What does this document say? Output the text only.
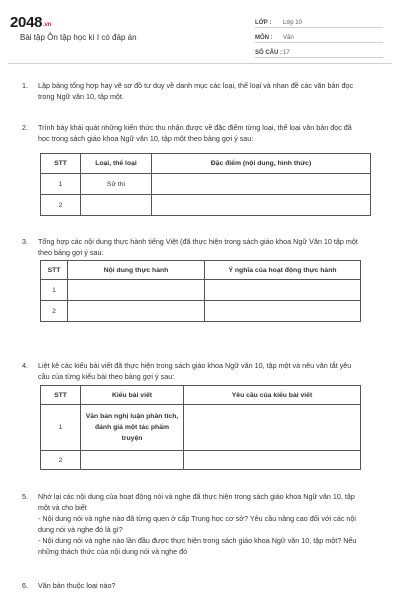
2048.vn
Bài tập Ôn tập học kì I có đáp án
LỚP :	Lớp 10
MÔN :	Văn
SỐ CÂU : 17
1. Lập bảng tổng hợp hay vẽ sơ đồ tư duy về danh mục các loại, thể loại và nhan đề các văn bản đọc trong Ngữ văn 10, tập một.
2. Trình bày khái quát những kiến thức thu nhận được về đặc điểm từng loại, thể loại văn bản đọc đã học trong sách giáo khoa Ngữ văn 10, tập một theo bảng gợi ý sau:
STT	Loại, thể loại	Đặc điểm (nội dung, hình thức)
1	Sử thi	
2		
3. Tổng hợp các nội dung thực hành tiếng Việt (đã thực hiện trong sách giáo khoa Ngữ Văn 10 tập một theo bảng gợi ý sau:
STT	Nội dung thực hành	Ý nghĩa của hoạt động thực hành
1		
2		
4. Liệt kê các kiểu bài viết đã thực hiện trong sách giáo khoa Ngữ văn 10, tập một và nêu văn tắt yêu cầu của từng kiểu bài theo bảng gợi ý sau:
STT	Kiểu bài viết	Yêu cầu của kiểu bài viết
1	Văn bản nghị luận phân tích, đánh giá một tác phẩm truyện	
2		
5. Nhớ lại các nội dung của hoạt động nói và nghe đã thực hiện trong sách giáo khoa Ngữ văn 10, tập một và cho biết
- Nội dung nói và nghe nào đã từng quen ở cấp Trung học cơ sở? Yêu cầu nâng cao đối với các nội dung nói và nghe đó là gì?
- Nội dung nói và nghe nào lần đầu được thực hiện trong sách giáo khoa Ngữ văn 10, tập một? Nếu những thách thức của nội dung nói và nghe đó
6. Văn bản thuộc loại nào?
